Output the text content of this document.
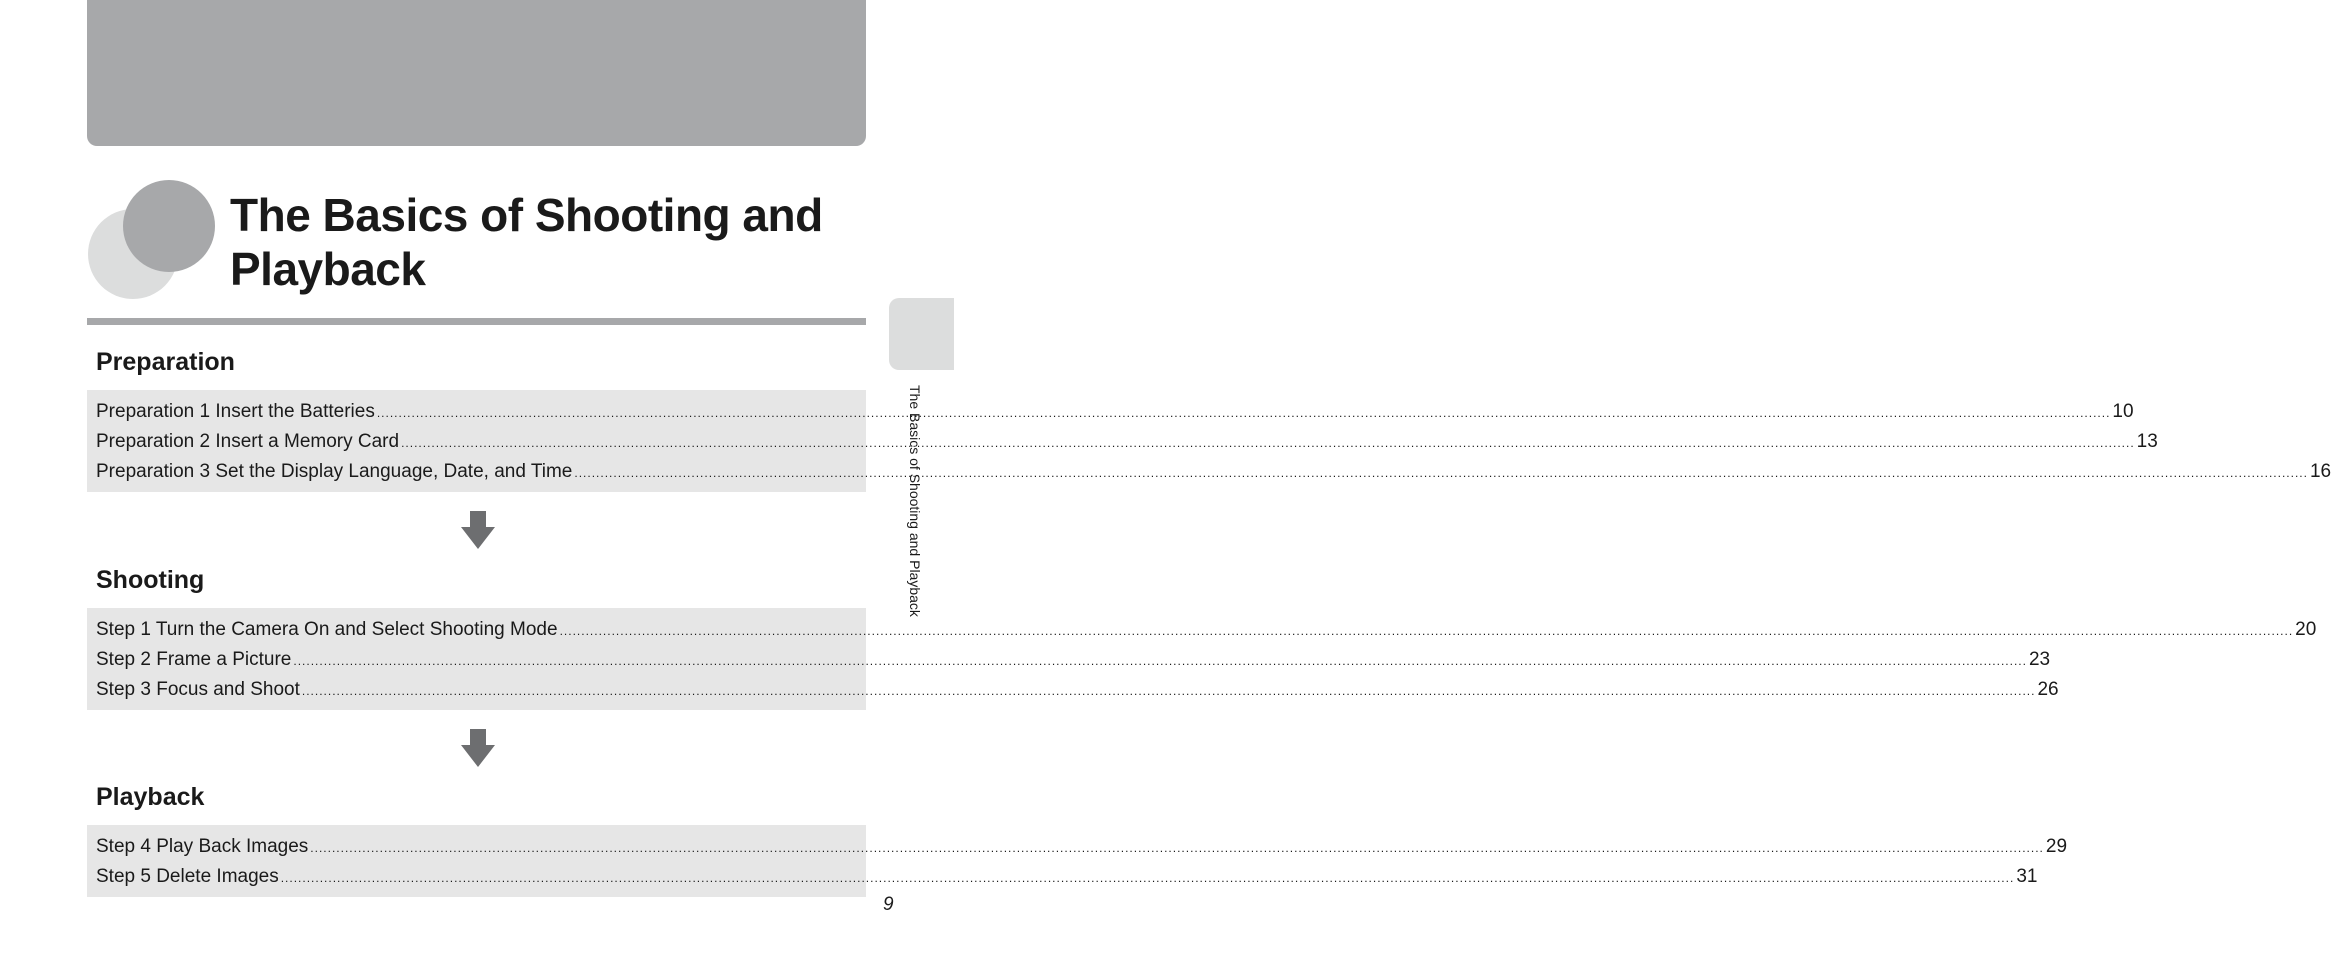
The Basics of Shooting and Playback
The Basics of Shooting and Playback
Preparation
Preparation 1 Insert the Batteries ................................................................................................................................................................................................................................................................................................................................................................................................................ 10
Preparation 2 Insert a Memory Card ................................................................................................................................................................................................................................................................................................................................................................................................................ 13
Preparation 3 Set the Display Language, Date, and Time ................................................................................................................................................................................................................................................................................................................................................................................................................ 16
Shooting
Step 1 Turn the Camera On and Select Shooting Mode ................................................................................................................................................................................................................................................................................................................................................................................................................ 20
Step 2 Frame a Picture ................................................................................................................................................................................................................................................................................................................................................................................................................ 23
Step 3 Focus and Shoot ................................................................................................................................................................................................................................................................................................................................................................................................................ 26
Playback
Step 4 Play Back Images ................................................................................................................................................................................................................................................................................................................................................................................................................ 29
Step 5 Delete Images ................................................................................................................................................................................................................................................................................................................................................................................................................ 31
9
